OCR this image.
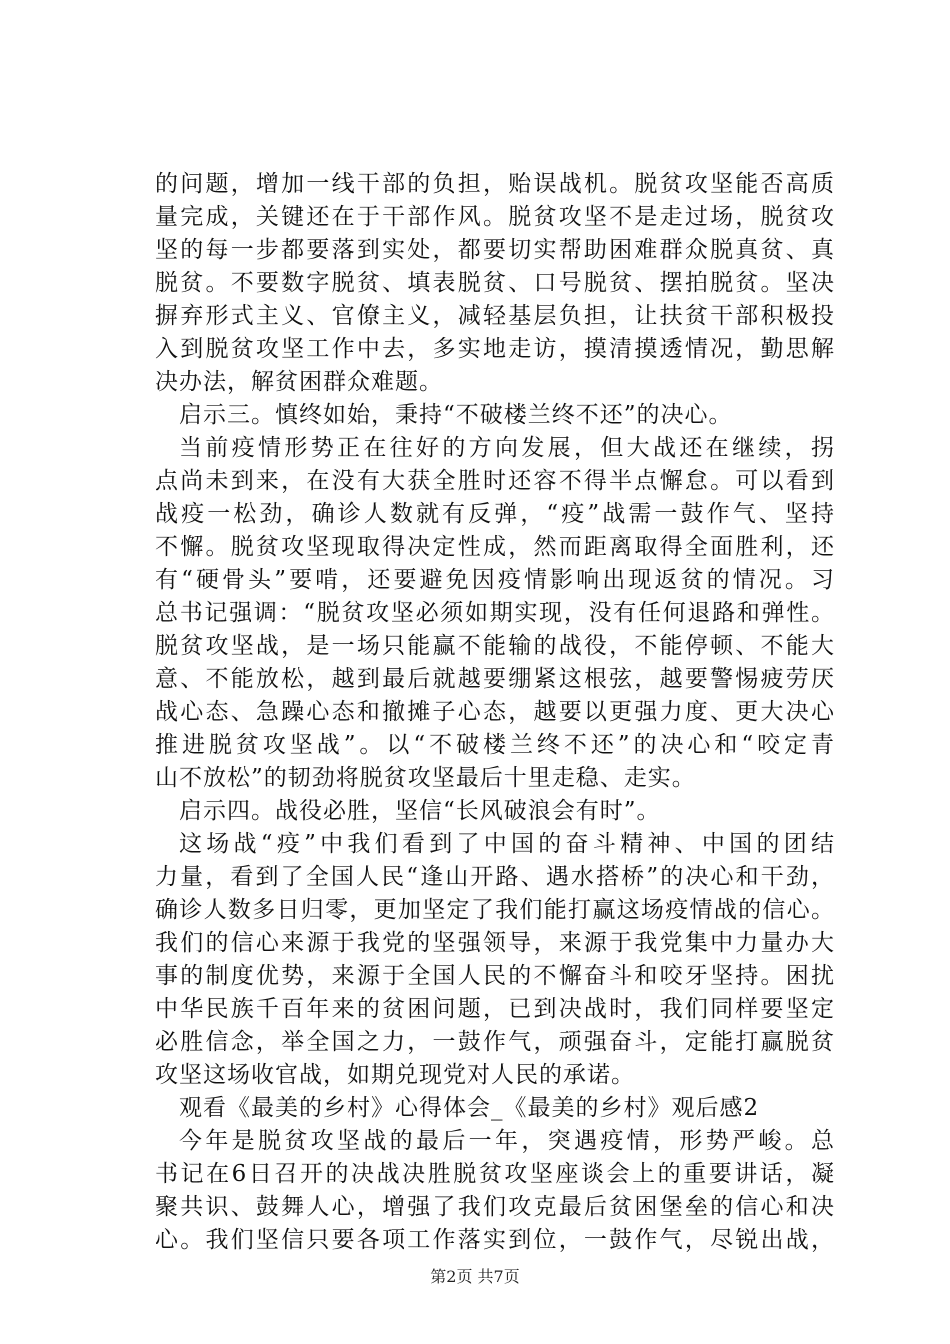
的问题，增加一线干部的负担，贻误战机。脱贫攻坚能否高质
量完成，关键还在于干部作风。脱贫攻坚不是走过场，脱贫攻
坚的每一步都要落到实处，都要切实帮助困难群众脱真贫、真
脱贫。不要数字脱贫、填表脱贫、口号脱贫、摆拍脱贫。坚决
摒弃形式主义、官僚主义，减轻基层负担，让扶贫干部积极投
入到脱贫攻坚工作中去，多实地走访，摸清摸透情况，勤思解
决办法，解贫困群众难题。
启示三。慎终如始，秉持“不破楼兰终不还”的决心。
当前疫情形势正在往好的方向发展，但大战还在继续，拐
点尚未到来，在没有大获全胜时还容不得半点懈怠。可以看到
战疫一松劲，确诊人数就有反弹，“疫”战需一鼓作气、坚持
不懈。脱贫攻坚现取得决定性成，然而距离取得全面胜利，还
有“硬骨头”要啃，还要避免因疫情影响出现返贫的情况。习
总书记强调：“脱贫攻坚必须如期实现，没有任何退路和弹性。
脱贫攻坚战，是一场只能赢不能输的战役，不能停顿、不能大
意、不能放松，越到最后就越要绷紧这根弦，越要警惕疲劳厌
战心态、急躁心态和撤摊子心态，越要以更强力度、更大决心
推进脱贫攻坚战”。以“不破楼兰终不还”的决心和“咬定青
山不放松”的韧劲将脱贫攻坚最后十里走稳、走实。
启示四。战役必胜，坚信“长风破浪会有时”。
这场战“疫”中我们看到了中国的奋斗精神、中国的团结
力量，看到了全国人民“逢山开路、遇水搭桥”的决心和干劲，
确诊人数多日归零，更加坚定了我们能打赢这场疫情战的信心。
我们的信心来源于我党的坚强领导，来源于我党集中力量办大
事的制度优势，来源于全国人民的不懈奋斗和咬牙坚持。困扰
中华民族千百年来的贫困问题，已到决战时，我们同样要坚定
必胜信念，举全国之力，一鼓作气，顽强奋斗，定能打赢脱贫
攻坚这场收官战，如期兑现党对人民的承诺。
观看《最美的乡村》心得体会_《最美的乡村》观后感2
今年是脱贫攻坚战的最后一年，突遇疫情，形势严峻。总
书记在6日召开的决战决胜脱贫攻坚座谈会上的重要讲话，凝
聚共识、鼓舞人心，增强了我们攻克最后贫困堡垒的信心和决
心。我们坚信只要各项工作落实到位，一鼓作气，尽锐出战，
第2页 共7页
